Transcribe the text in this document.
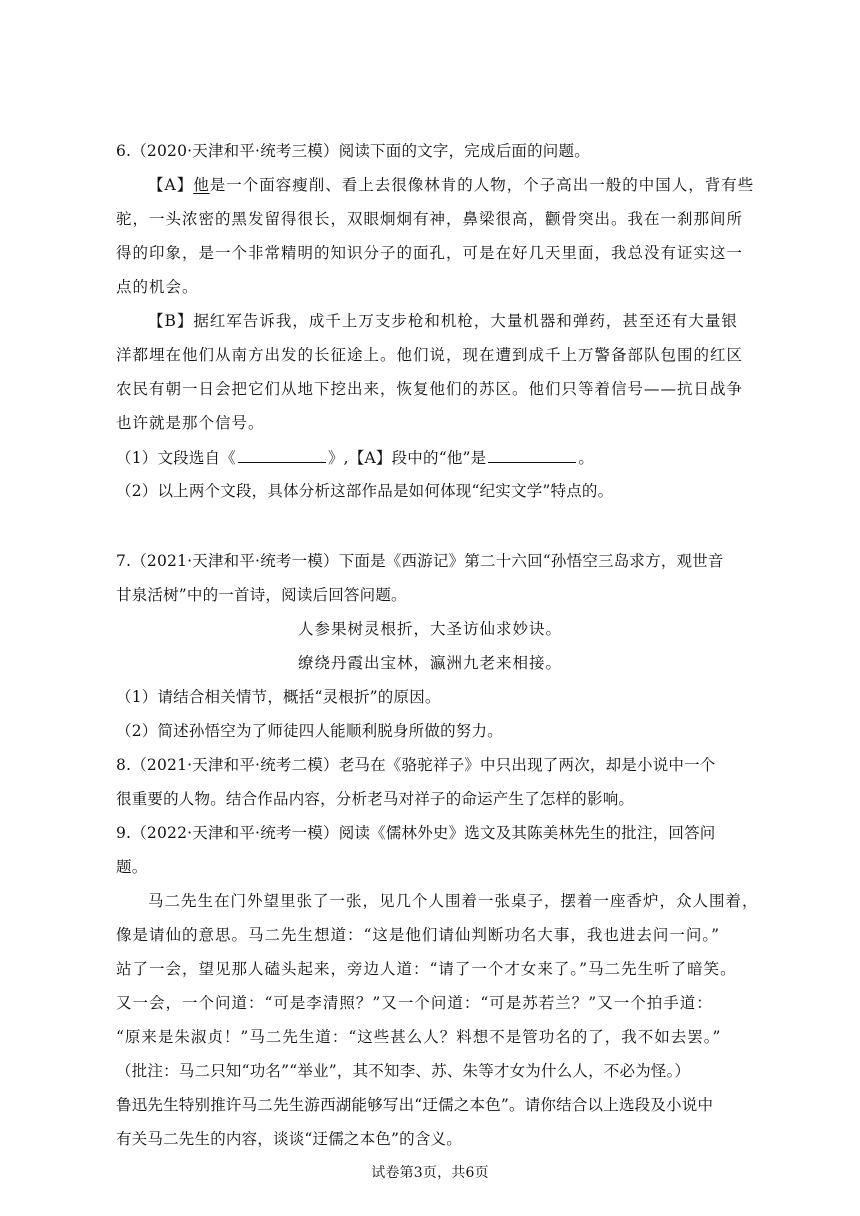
6.（2020·天津和平·统考三模）阅读下面的文字，完成后面的问题。
【A】他是一个面容瘦削、看上去很像林肯的人物，个子高出一般的中国人，背有些
驼，一头浓密的黑发留得很长，双眼炯炯有神，鼻梁很高，颧骨突出。我在一刹那间所
得的印象，是一个非常精明的知识分子的面孔，可是在好几天里面，我总没有证实这一
点的机会。
【B】据红军告诉我，成千上万支步枪和机枪，大量机器和弹药，甚至还有大量银
洋都埋在他们从南方出发的长征途上。他们说，现在遭到成千上万警备部队包围的红区
农民有朝一日会把它们从地下挖出来，恢复他们的苏区。他们只等着信号——抗日战争
也许就是那个信号。
（1）文段选自《	》,【A】段中的“他”是	。
（2）以上两个文段，具体分析这部作品是如何体现“纪实文学”特点的。
7.（2021·天津和平·统考一模）下面是《西游记》第二十六回“孙悟空三岛求方，观世音
甘泉活树”中的一首诗，阅读后回答问题。
人参果树灵根折，大圣访仙求妙诀。
缭绕丹霞出宝林，瀛洲九老来相接。
（1）请结合相关情节，概括“灵根折”的原因。
（2）简述孙悟空为了师徒四人能顺利脱身所做的努力。
8.（2021·天津和平·统考二模）老马在《骆驼祥子》中只出现了两次，却是小说中一个
很重要的人物。结合作品内容，分析老马对祥子的命运产生了怎样的影响。
9.（2022·天津和平·统考一模）阅读《儒林外史》选文及其陈美林先生的批注，回答问
题。
马二先生在门外望里张了一张，见几个人围着一张桌子，摆着一座香炉，众人围着，
像是请仙的意思。马二先生想道：“这是他们请仙判断功名大事，我也进去问一问。”
站了一会，望见那人磕头起来，旁边人道：“请了一个才女来了。”马二先生听了暗笑。
又一会，一个问道：“可是李清照？”又一个问道：“可是苏若兰？”又一个拍手道：
“原来是朱淑贞！”马二先生道：“这些甚么人？料想不是管功名的了，我不如去罢。”
（批注：马二只知“功名”“举业”，其不知李、苏、朱等才女为什么人，不必为怪。）
鲁迅先生特别推许马二先生游西湖能够写出“迂儒之本色”。请你结合以上选段及小说中
有关马二先生的内容，谈谈“迂儒之本色”的含义。
试卷第3页，共6页
